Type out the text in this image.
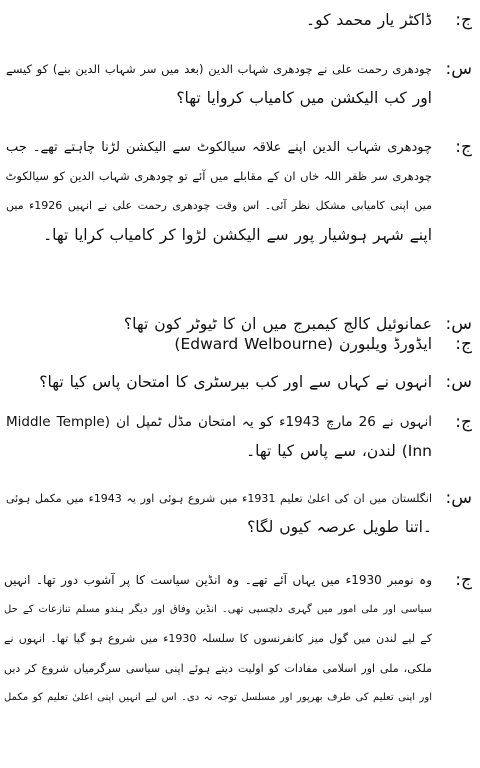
ج:
ڈاکٹر یار محمد کو۔
س:
چودھری رحمت علی نے چودھری شہاب الدین (بعد میں سر شہاب الدین بنے) کو کیسے
اور کب الیکشن میں کامیاب کروایا تھا؟
ج:
چودھری شہاب الدین اپنے علاقہ سیالکوٹ سے الیکشن لڑنا چاہتے تھے۔ جب
چودھری سر ظفر اللہ خاں ان کے مقابلے میں آئے تو چودھری شہاب الدین کو سیالکوٹ
میں اپنی کامیابی مشکل نظر آئی۔ اس وقت چودھری رحمت علی نے انہیں 1926ء میں
اپنے شہر ہوشیار پور سے الیکشن لڑوا کر کامیاب کرایا تھا۔
س:
عمانوئیل کالج کیمبرج میں ان کا ٹیوٹر کون تھا؟
ج:
ایڈورڈ ویلبورن (Edward Welbourne)
س:
انہوں نے کہاں سے اور کب بیرسٹری کا امتحان پاس کیا تھا؟
ج:
انہوں نے 26 مارچ 1943ء کو یہ امتحان مڈل ٹمپل ان (Middle Temple
Inn) لندن، سے پاس کیا تھا۔
س:
انگلستان میں ان کی اعلیٰ تعلیم 1931ء میں شروع ہوئی اور یہ 1943ء میں مکمل ہوئی
۔اتنا طویل عرصہ کیوں لگا؟
ج:
وہ نومبر 1930ء میں یہاں آئے تھے۔ وہ انڈین سیاست کا پر آشوب دور تھا۔ انہیں
سیاسی اور ملی امور میں گہری دلچسپی تھی۔ انڈین وفاق اور دیگر ہندو مسلم تنازعات کے حل
کے لیے لندن میں گول میز کانفرنسوں کا سلسلہ 1930ء میں شروع ہو گیا تھا۔ انہوں نے
ملکی، ملی اور اسلامی مفادات کو اولیت دیتے ہوئے اپنی سیاسی سرگرمیاں شروع کر دیں
اور اپنی تعلیم کی طرف بھرپور اور مسلسل توجہ نہ دی۔ اس لیے انہیں اپنی اعلیٰ تعلیم کو مکمل
